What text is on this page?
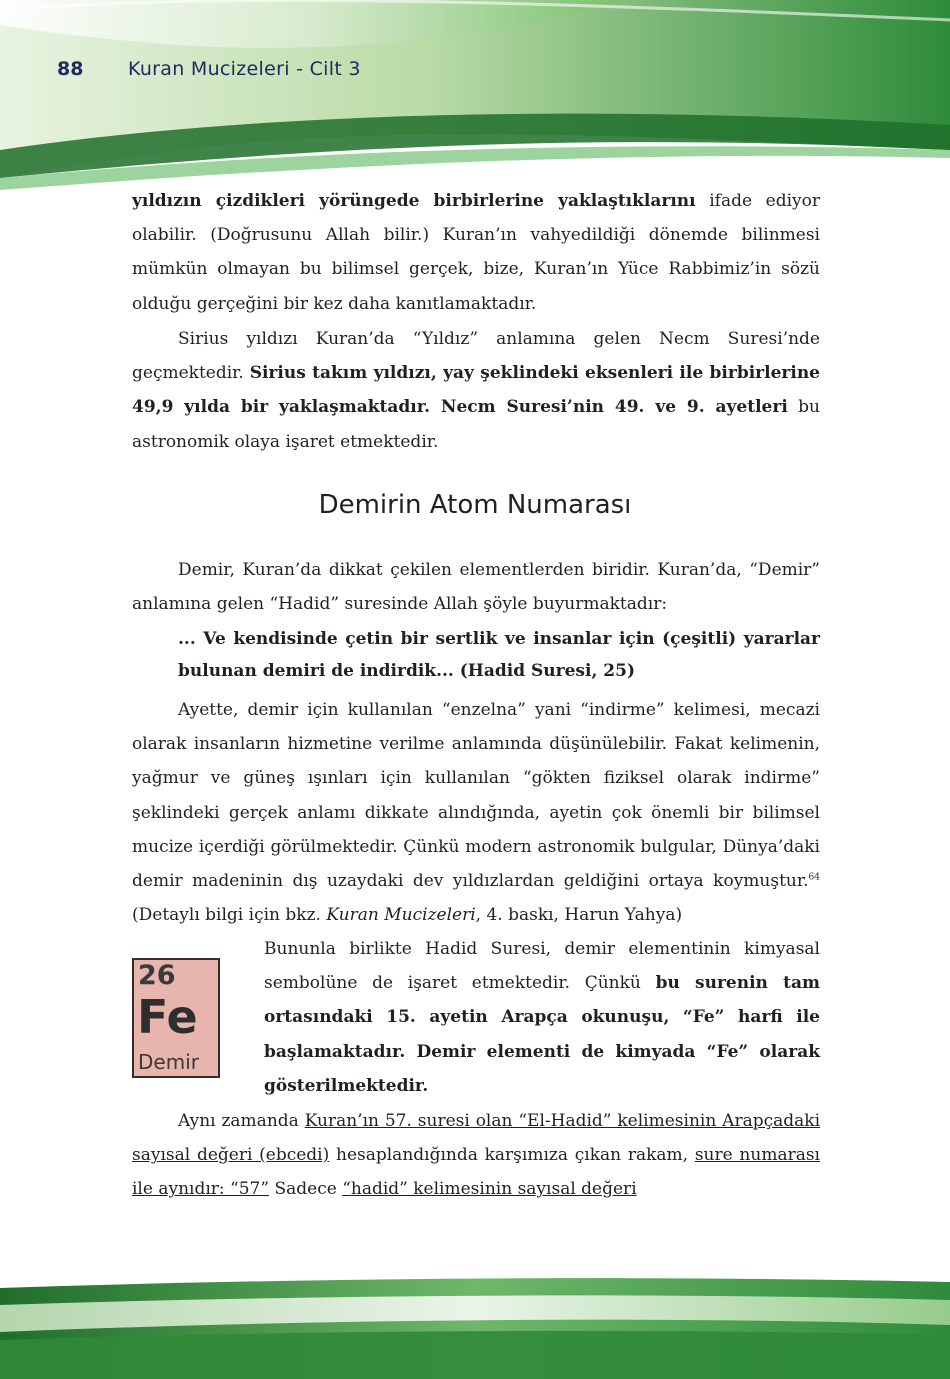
88 Kuran Mucizeleri - Cilt 3
yıldızın çizdikleri yörüngede birbirlerine yaklaştıklarını ifade ediyor olabilir. (Doğrusunu Allah bilir.) Kuran’ın vahyedildiği dönemde bilinmesi mümkün olmayan bu bilimsel gerçek, bize, Kuran’ın Yüce Rabbimiz’in sözü olduğu gerçeğini bir kez daha kanıtlamaktadır.
Sirius yıldızı Kuran’da “Yıldız” anlamına gelen Necm Suresi’nde geçmektedir. Sirius takım yıldızı, yay şeklindeki eksenleri ile birbirlerine 49,9 yılda bir yaklaşmaktadır. Necm Suresi’nin 49. ve 9. ayetleri bu astronomik olaya işaret etmektedir.
Demirin Atom Numarası
Demir, Kuran’da dikkat çekilen elementlerden biridir. Kuran’da, “Demir” anlamına gelen “Hadid” suresinde Allah şöyle buyurmaktadır:
... Ve kendisinde çetin bir sertlik ve insanlar için (çeşitli) yararlar bulunan demiri de indirdik... (Hadid Suresi, 25)
Ayette, demir için kullanılan “enzelna” yani “indirme” kelimesi, mecazi olarak insanların hizmetine verilme anlamında düşünülebilir. Fakat kelimenin, yağmur ve güneş ışınları için kullanılan “gökten fiziksel olarak indirme” şeklindeki gerçek anlamı dikkate alındığında, ayetin çok önemli bir bilimsel mucize içerdiği görülmektedir. Çünkü modern astronomik bulgular, Dünya’daki demir madeninin dış uzaydaki dev yıldızlardan geldiğini ortaya koymuştur.$^{64}$ (Detaylı bilgi için bkz. Kuran Mucizeleri, 4. baskı, Harun Yahya)
26
Fe
Demir
Bununla birlikte Hadid Suresi, demir elementinin kimyasal sembolüne de işaret etmektedir. Çünkü bu surenin tam ortasındaki 15. ayetin Arapça okunuşu, “Fe” harfi ile başlamaktadır. Demir elementi de kimyada “Fe” olarak gösterilmektedir.
Aynı zamanda Kuran’ın 57. suresi olan “El-Hadid” kelimesinin Arapçadaki sayısal değeri (ebcedi) hesaplandığında karşımıza çıkan rakam, sure numarası ile aynıdır: “57” Sadece “hadid” kelimesinin sayısal değeri
